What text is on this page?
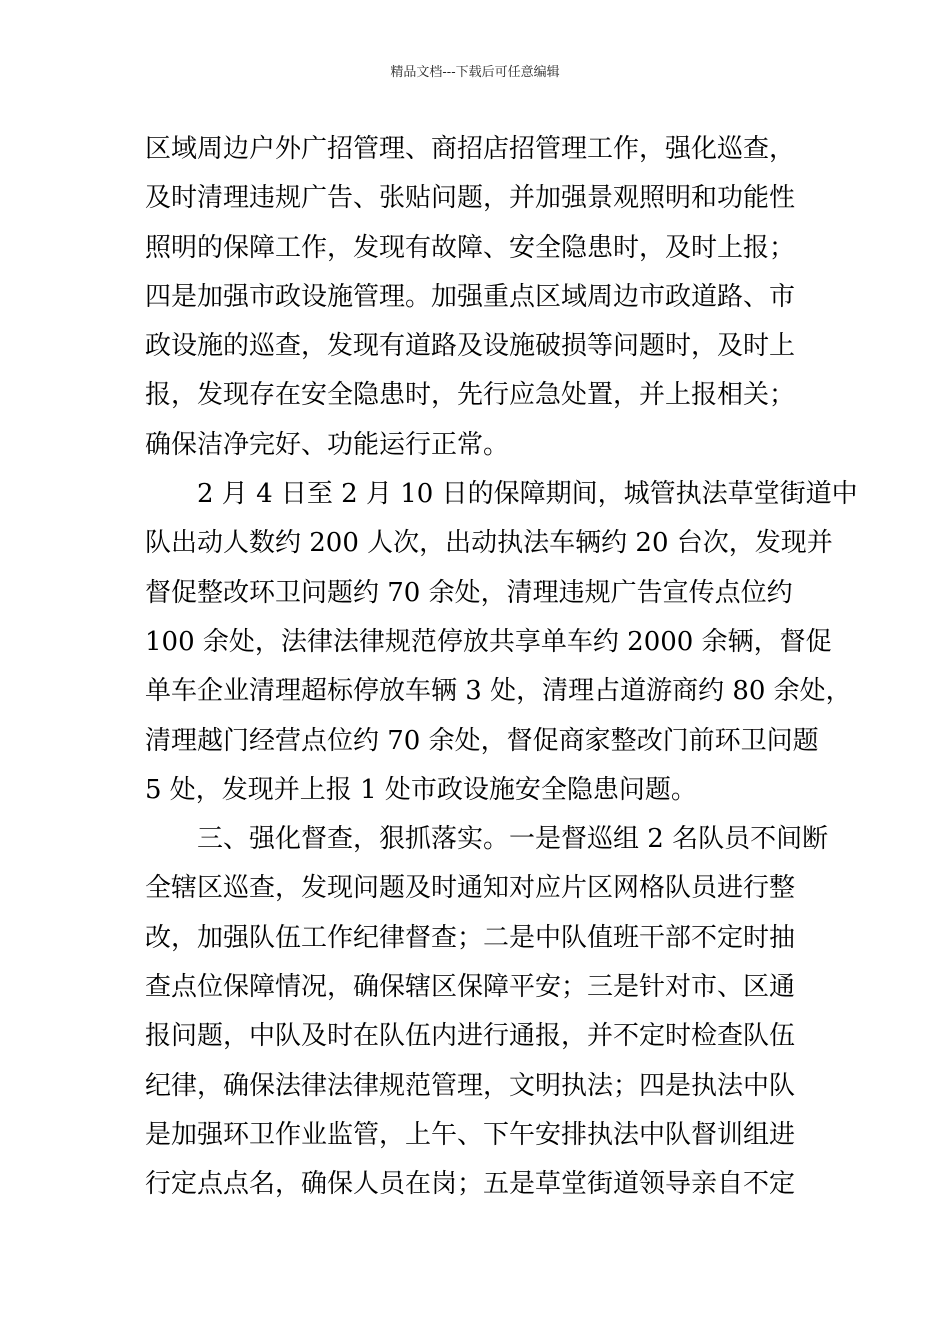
精品文档---下载后可任意编辑
区域周边户外广招管理、商招店招管理工作，强化巡查，
及时清理违规广告、张贴问题，并加强景观照明和功能性
照明的保障工作，发现有故障、安全隐患时，及时上报；
四是加强市政设施管理。加强重点区域周边市政道路、市
政设施的巡查，发现有道路及设施破损等问题时，及时上
报，发现存在安全隐患时，先行应急处置，并上报相关；
确保洁净完好、功能运行正常。
　　2 月 4 日至 2 月 10 日的保障期间，城管执法草堂街道中
队出动人数约 200 人次，出动执法车辆约 20 台次，发现并
督促整改环卫问题约 70 余处，清理违规广告宣传点位约
100 余处，法律法律规范停放共享单车约 2000 余辆，督促
单车企业清理超标停放车辆 3 处，清理占道游商约 80 余处，
清理越门经营点位约 70 余处，督促商家整改门前环卫问题
5 处，发现并上报 1 处市政设施安全隐患问题。
　　三、强化督查，狠抓落实。一是督巡组 2 名队员不间断
全辖区巡查，发现问题及时通知对应片区网格队员进行整
改，加强队伍工作纪律督查；二是中队值班干部不定时抽
查点位保障情况，确保辖区保障平安；三是针对市、区通
报问题，中队及时在队伍内进行通报，并不定时检查队伍
纪律，确保法律法律规范管理，文明执法；四是执法中队
是加强环卫作业监管，上午、下午安排执法中队督训组进
行定点点名，确保人员在岗；五是草堂街道领导亲自不定
